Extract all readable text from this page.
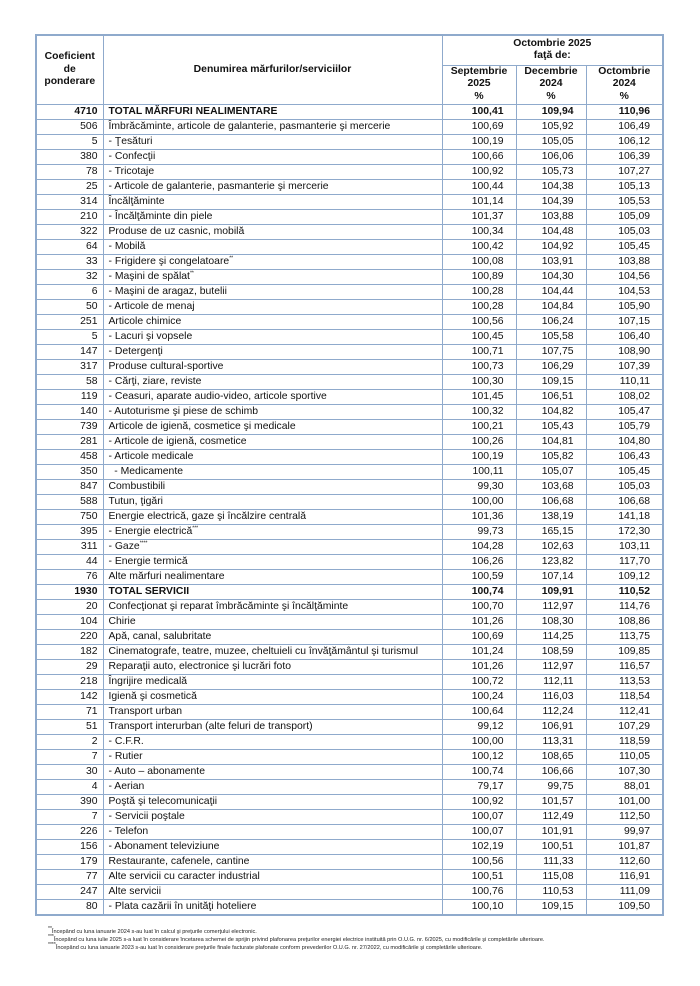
Coeficient
de
ponderare	Denumirea mărfurilor/serviciilor	Octombrie 2025
faţă de:		
		Septembrie
2025
%	Decembrie
2024
%	Octombrie
2024
%
4710	TOTAL MĂRFURI NEALIMENTARE	100,41	109,94	110,96
506	Îmbrăcăminte, articole de galanterie, pasmanterie şi mercerie	100,69	105,92	106,49
5	- Ţesături	100,19	105,05	106,12
380	- Confecţii	100,66	106,06	106,39
78	- Tricotaje	100,92	105,73	107,27
25	- Articole de galanterie, pasmanterie şi mercerie	100,44	104,38	105,13
314	Încălţăminte	101,14	104,39	105,53
210	- Încălţăminte din piele	101,37	103,88	105,09
322	Produse de uz casnic, mobilă	100,34	104,48	105,03
64	- Mobilă	100,42	104,92	105,45
33	- Frigidere şi congelatoare**	100,08	103,91	103,88
32	- Maşini de spălat**	100,89	104,30	104,56
6	- Maşini de aragaz, butelii	100,28	104,44	104,53
50	- Articole de menaj	100,28	104,84	105,90
251	Articole chimice	100,56	106,24	107,15
5	- Lacuri şi vopsele	100,45	105,58	106,40
147	- Detergenţi	100,71	107,75	108,90
317	Produse cultural-sportive	100,73	106,29	107,39
58	- Cărţi, ziare, reviste	100,30	109,15	110,11
119	- Ceasuri, aparate audio-video, articole sportive	101,45	106,51	108,02
140	- Autoturisme şi piese de schimb	100,32	104,82	105,47
739	Articole de igienă, cosmetice şi medicale	100,21	105,43	105,79
281	- Articole de igienă, cosmetice	100,26	104,81	104,80
458	- Articole medicale	100,19	105,82	106,43
350	- Medicamente	100,11	105,07	105,45
847	Combustibili	99,30	103,68	105,03
588	Tutun, ţigări	100,00	106,68	106,68
750	Energie electrică, gaze şi încălzire centrală	101,36	138,19	141,18
395	- Energie electrică***	99,73	165,15	172,30
311	- Gaze****	104,28	102,63	103,11
44	- Energie termică	106,26	123,82	117,70
76	Alte mărfuri nealimentare	100,59	107,14	109,12
1930	TOTAL SERVICII	100,74	109,91	110,52
20	Confecţionat şi reparat îmbrăcăminte şi încălţăminte	100,70	112,97	114,76
104	Chirie	101,26	108,30	108,86
220	Apă, canal, salubritate	100,69	114,25	113,75
182	Cinematografe, teatre, muzee, cheltuieli cu învăţământul şi turismul	101,24	108,59	109,85
29	Reparaţii auto, electronice şi lucrări foto	101,26	112,97	116,57
218	Îngrijire medicală	100,72	112,11	113,53
142	Igienă şi cosmetică	100,24	116,03	118,54
71	Transport urban	100,64	112,24	112,41
51	Transport interurban (alte feluri de transport)	99,12	106,91	107,29
2	- C.F.R.	100,00	113,31	118,59
7	- Rutier	100,12	108,65	110,05
30	- Auto – abonamente	100,74	106,66	107,30
4	- Aerian	79,17	99,75	88,01
390	Poştă şi telecomunicaţii	100,92	101,57	101,00
7	- Servicii poştale	100,07	112,49	112,50
226	- Telefon	100,07	101,91	99,97
156	- Abonament televiziune	102,19	100,51	101,87
179	Restaurante, cafenele, cantine	100,56	111,33	112,60
77	Alte servicii cu caracter industrial	100,51	115,08	116,91
247	Alte servicii	100,76	110,53	111,09
80	- Plata cazării în unităţi hoteliere	100,10	109,15	109,50
**Începând cu luna ianuarie 2024 s-au luat în calcul şi preţurile comerţului electronic.
***Începând cu luna iulie 2025 s-a luat în considerare încetarea schemei de sprijin privind plafonarea preţurilor energiei electrice instituită prin O.U.G. nr. 6/2025, cu modificările şi completările ulterioare.
****Începând cu luna ianuarie 2023 s-au luat în considerare preţurile finale facturate plafonate conform prevederilor O.U.G. nr. 27/2022, cu modificările şi completările ulterioare.
